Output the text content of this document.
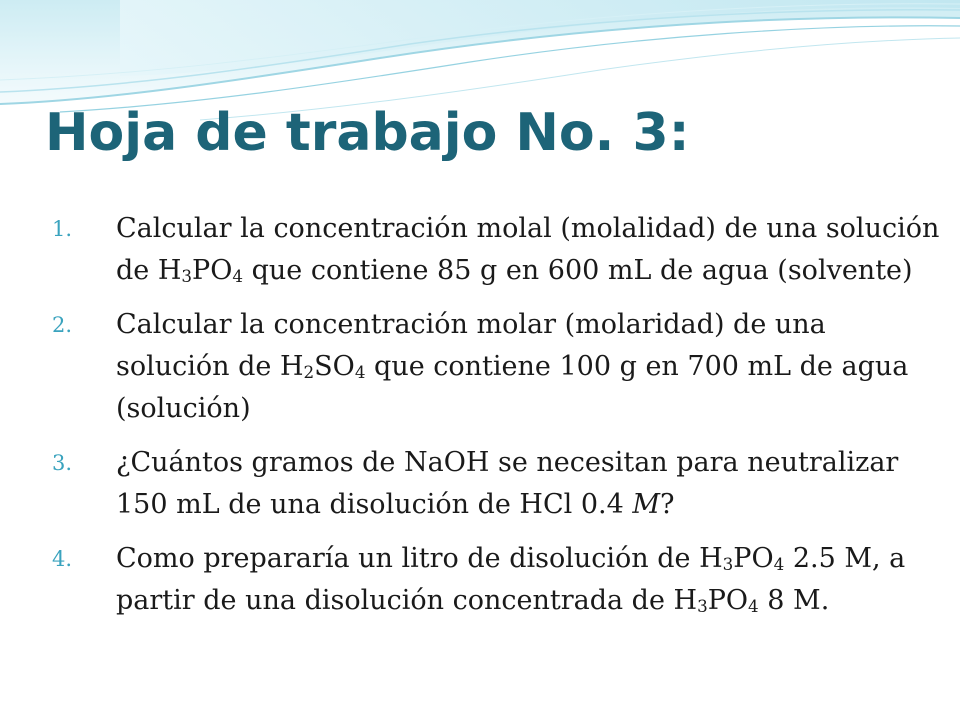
Hoja de trabajo No. 3:
1. Calcular la concentración molal (molalidad) de una solución de $H_3PO_4$ que contiene 85 g en 600 mL de agua (solvente)
2. Calcular la concentración molar (molaridad) de una solución de $H_2SO_4$ que contiene 100 g en 700 mL de agua (solución)
3. ¿Cuántos gramos de NaOH se necesitan para neutralizar 150 mL de una disolución de HCl 0.4 M?
4. Como prepararía un litro de disolución de $H_3PO_4$ 2.5 M, a partir de una disolución concentrada de $H_3PO_4$ 8 M.
